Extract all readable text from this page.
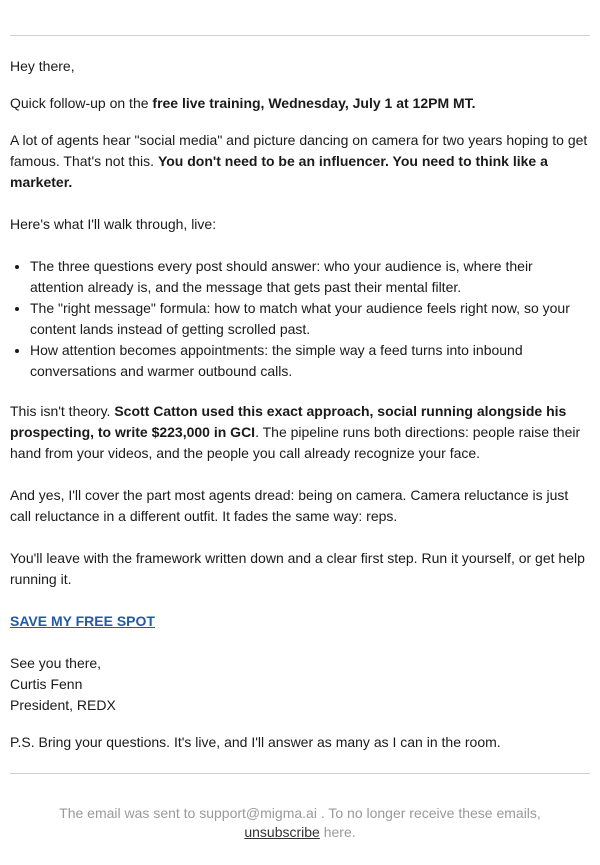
Hey there,

Quick follow-up on the free live training, Wednesday, July 1 at 12PM MT.

A lot of agents hear "social media" and picture dancing on camera for two years hoping to get famous. That's not this. You don't need to be an influencer. You need to think like a marketer.

Here's what I'll walk through, live:

• The three questions every post should answer: who your audience is, where their attention already is, and the message that gets past their mental filter.
• The "right message" formula: how to match what your audience feels right now, so your content lands instead of getting scrolled past.
• How attention becomes appointments: the simple way a feed turns into inbound conversations and warmer outbound calls.

This isn't theory. Scott Catton used this exact approach, social running alongside his prospecting, to write $223,000 in GCI. The pipeline runs both directions: people raise their hand from your videos, and the people you call already recognize your face.

And yes, I'll cover the part most agents dread: being on camera. Camera reluctance is just call reluctance in a different outfit. It fades the same way: reps.

You'll leave with the framework written down and a clear first step. Run it yourself, or get help running it.

SAVE MY FREE SPOT

See you there,
Curtis Fenn
President, REDX

P.S. Bring your questions. It's live, and I'll answer as many as I can in the room.

The email was sent to support@migma.ai . To no longer receive these emails,
unsubscribe here.
